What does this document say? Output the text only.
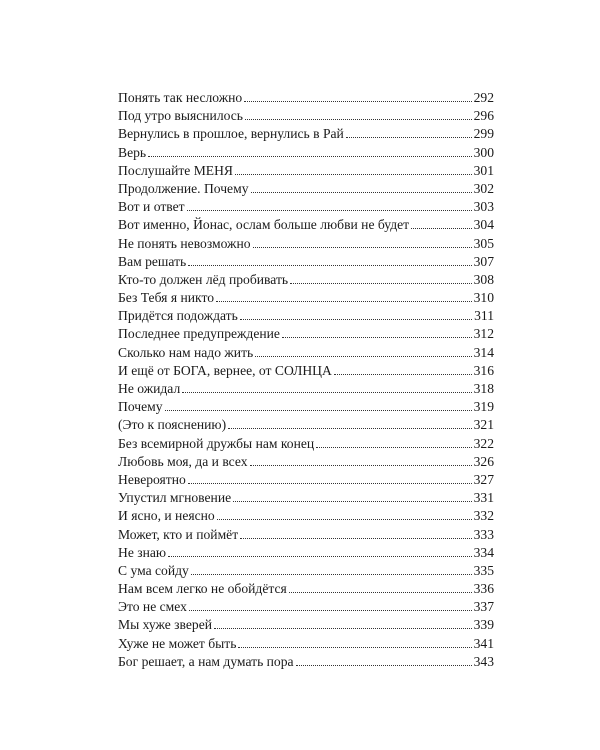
Понять так несложно	292
Под утро выяснилось	296
Вернулись в прошлое, вернулись в Рай	299
Верь	300
Послушайте МЕНЯ	301
Продолжение. Почему	302
Вот и ответ	303
Вот именно, Йонас, ослам больше любви не будет	304
Не понять невозможно	305
Вам решать	307
Кто-то должен лёд пробивать	308
Без Тебя я никто	310
Придётся подождать	311
Последнее предупреждение	312
Сколько нам надо жить	314
И ещё от БОГА, вернее, от СОЛНЦА	316
Не ожидал	318
Почему	319
(Это к пояснению)	321
Без всемирной дружбы нам конец	322
Любовь моя, да и всех	326
Невероятно	327
Упустил мгновение	331
И ясно, и неясно	332
Может, кто и поймёт	333
Не знаю	334
С ума сойду	335
Нам всем легко не обойдётся	336
Это не смех	337
Мы хуже зверей	339
Хуже не может быть	341
Бог решает, а нам думать пора	343
